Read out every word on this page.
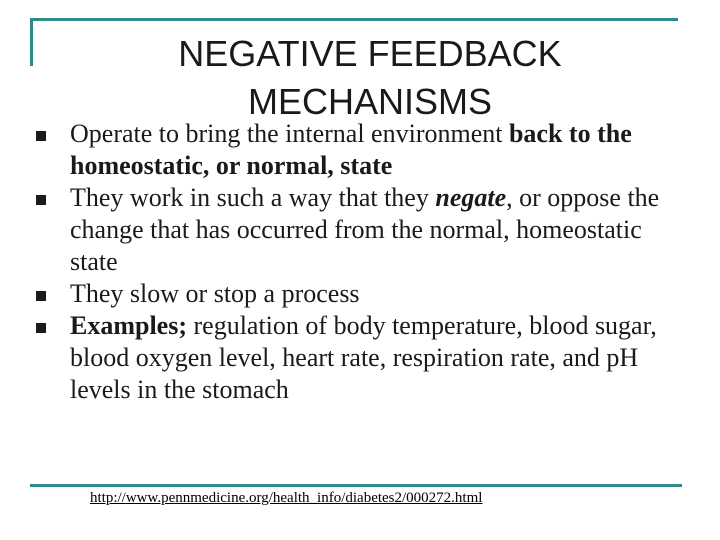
NEGATIVE FEEDBACK
MECHANISMS
Operate to bring the internal environment back to the homeostatic, or normal, state
They work in such a way that they negate, or oppose the change that has occurred from the normal, homeostatic state
They slow or stop a process
Examples; regulation of body temperature, blood sugar, blood oxygen level, heart rate, respiration rate, and pH levels in the stomach
http://www.pennmedicine.org/health_info/diabetes2/000272.html
